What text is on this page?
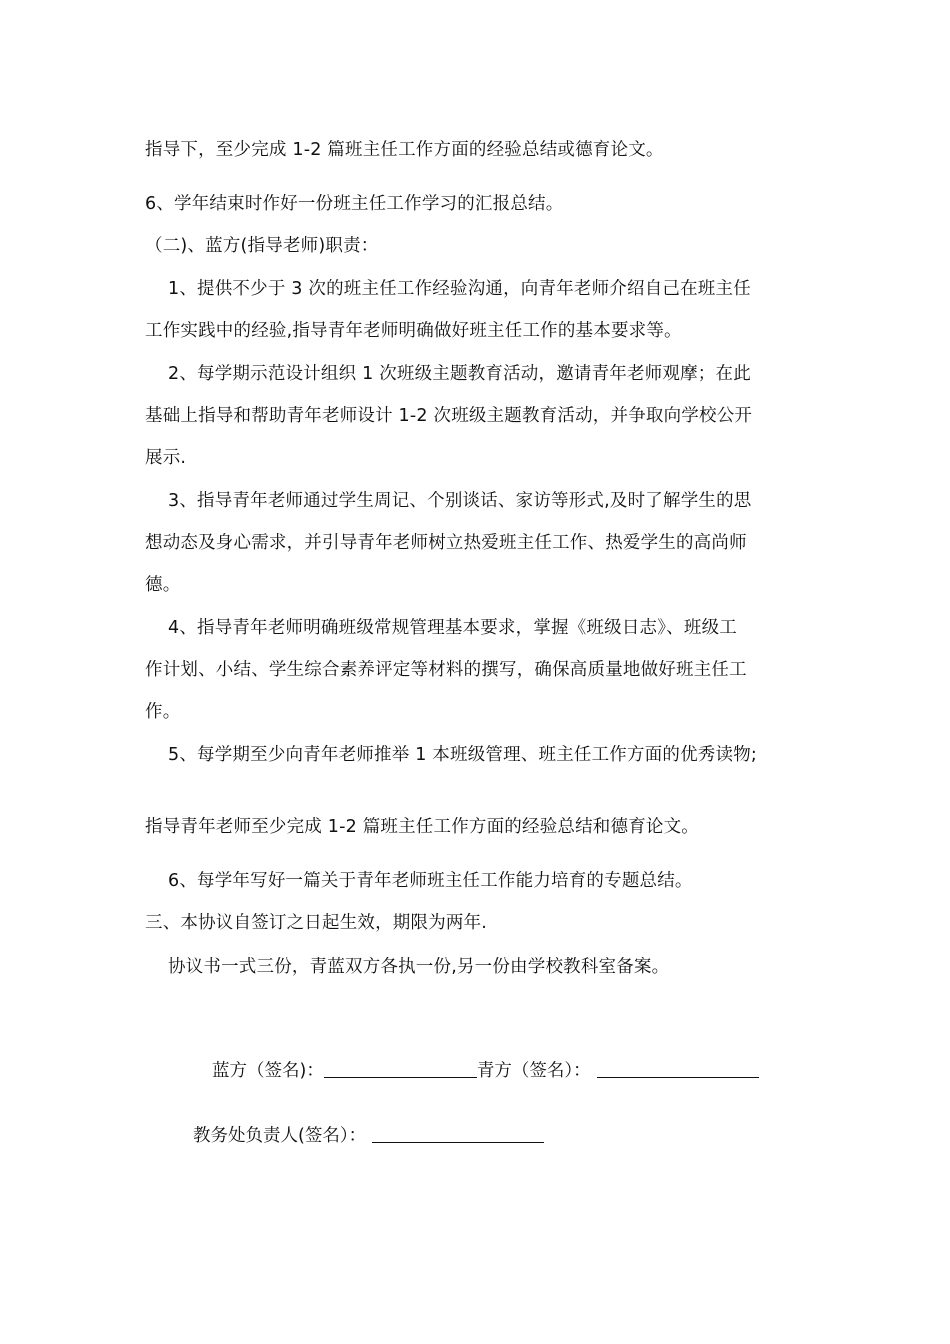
指导下，至少完成 1-2 篇班主任工作方面的经验总结或德育论文。
6、学年结束时作好一份班主任工作学习的汇报总结。
（二)、蓝方(指导老师)职责：
1、提供不少于 3 次的班主任工作经验沟通，向青年老师介绍自己在班主任
工作实践中的经验,指导青年老师明确做好班主任工作的基本要求等。
2、每学期示范设计组织 1 次班级主题教育活动，邀请青年老师观摩；在此
基础上指导和帮助青年老师设计 1-2 次班级主题教育活动，并争取向学校公开
展示.
3、指导青年老师通过学生周记、个别谈话、家访等形式,及时了解学生的思
想动态及身心需求，并引导青年老师树立热爱班主任工作、热爱学生的高尚师
德。
4、指导青年老师明确班级常规管理基本要求，掌握《班级日志》、班级工
作计划、小结、学生综合素养评定等材料的撰写，确保高质量地做好班主任工
作。
5、每学期至少向青年老师推举 1 本班级管理、班主任工作方面的优秀读物;
指导青年老师至少完成 1-2 篇班主任工作方面的经验总结和德育论文。
6、每学年写好一篇关于青年老师班主任工作能力培育的专题总结。
三、本协议自签订之日起生效，期限为两年.
协议书一式三份，青蓝双方各执一份,另一份由学校教科室备案。
蓝方（签名)：	青方（签名）：
教务处负责人(签名）：
